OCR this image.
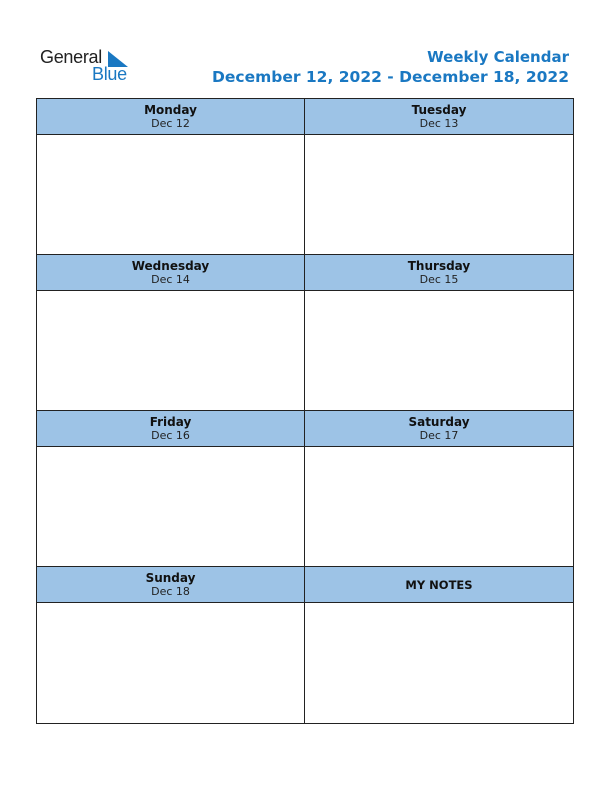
General
Blue
Weekly Calendar
December 12, 2022 - December 18, 2022
Monday
Dec 12
Tuesday
Dec 13
Wednesday
Dec 14
Thursday
Dec 15
Friday
Dec 16
Saturday
Dec 17
Sunday
Dec 18	MY NOTES
